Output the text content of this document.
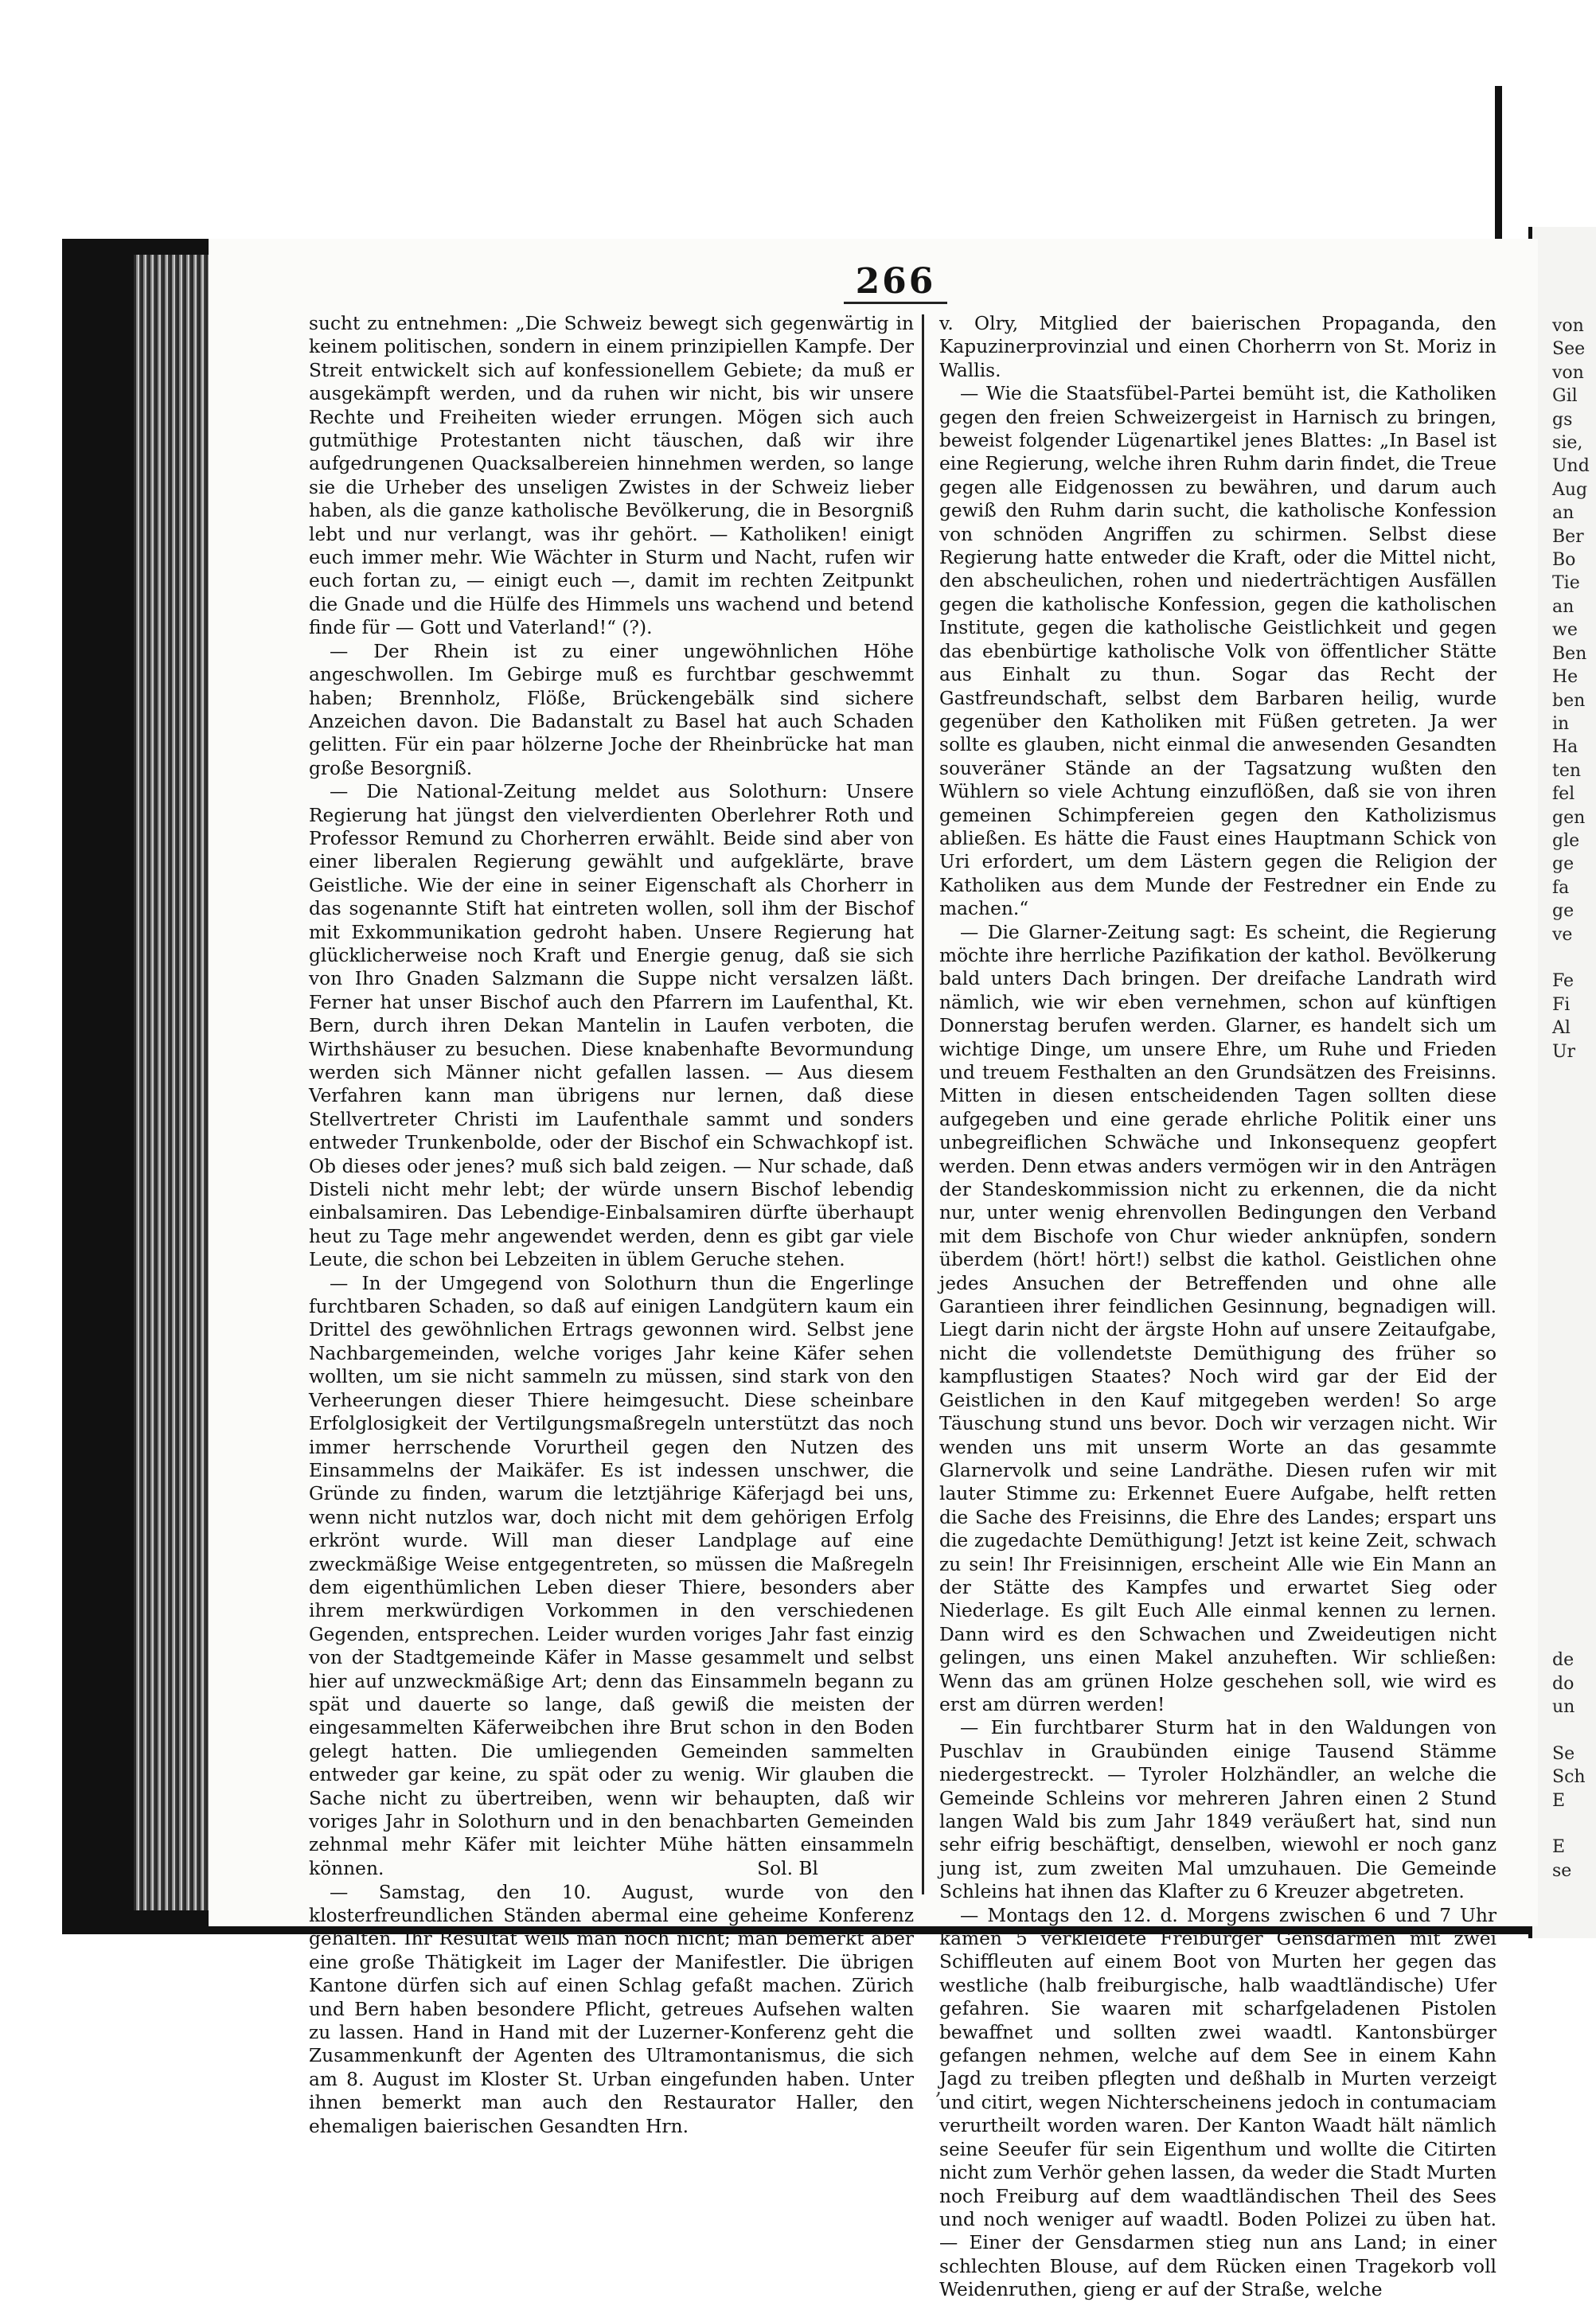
266

sucht zu entnehmen: „Die Schweiz bewegt sich gegenwärtig in keinem politischen, sondern in einem prinzipiellen Kampfe. Der Streit entwickelt sich auf konfessionellem Gebiete; da muß er ausgekämpft werden, und da ruhen wir nicht, bis wir unsere Rechte und Freiheiten wieder errungen. Mögen sich auch gutmüthige Protestanten nicht täuschen, daß wir ihre aufgedrungenen Quacksalbereien hinnehmen werden, so lange sie die Urheber des unseligen Zwistes in der Schweiz lieber haben, als die ganze katholische Bevölkerung, die in Besorgniß lebt und nur verlangt, was ihr gehört. — Katholiken! einigt euch immer mehr. Wie Wächter in Sturm und Nacht, rufen wir euch fortan zu, — einigt euch —, damit im rechten Zeitpunkt die Gnade und die Hülfe des Himmels uns wachend und betend finde für — Gott und Vaterland!“ (?).

— Der Rhein ist zu einer ungewöhnlichen Höhe angeschwollen. Im Gebirge muß es furchtbar geschwemmt haben; Brennholz, Flöße, Brückengebälk sind sichere Anzeichen davon. Die Badanstalt zu Basel hat auch Schaden gelitten. Für ein paar hölzerne Joche der Rheinbrücke hat man große Besorgniß.

— Die National-Zeitung meldet aus Solothurn: Unsere Regierung hat jüngst den vielverdienten Oberlehrer Roth und Professor Remund zu Chorherren erwählt. Beide sind aber von einer liberalen Regierung gewählt und aufgeklärte, brave Geistliche. Wie der eine in seiner Eigenschaft als Chorherr in das sogenannte Stift hat eintreten wollen, soll ihm der Bischof mit Exkommunikation gedroht haben. Unsere Regierung hat glücklicherweise noch Kraft und Energie genug, daß sie sich von Ihro Gnaden Salzmann die Suppe nicht versalzen läßt. Ferner hat unser Bischof auch den Pfarrern im Laufenthal, Kt. Bern, durch ihren Dekan Mantelin in Laufen verboten, die Wirthshäuser zu besuchen. Diese knabenhafte Bevormundung werden sich Männer nicht gefallen lassen. — Aus diesem Verfahren kann man übrigens nur lernen, daß diese Stellvertreter Christi im Laufenthale sammt und sonders entweder Trunkenbolde, oder der Bischof ein Schwachkopf ist. Ob dieses oder jenes? muß sich bald zeigen. — Nur schade, daß Disteli nicht mehr lebt; der würde unsern Bischof lebendig einbalsamiren. Das Lebendige-Einbalsamiren dürfte überhaupt heut zu Tage mehr angewendet werden, denn es gibt gar viele Leute, die schon bei Lebzeiten in üblem Geruche stehen.

— In der Umgegend von Solothurn thun die Engerlinge furchtbaren Schaden, so daß auf einigen Landgütern kaum ein Drittel des gewöhnlichen Ertrags gewonnen wird. Selbst jene Nachbargemeinden, welche voriges Jahr keine Käfer sehen wollten, um sie nicht sammeln zu müssen, sind stark von den Verheerungen dieser Thiere heimgesucht. Diese scheinbare Erfolglosigkeit der Vertilgungsmaßregeln unterstützt das noch immer herrschende Vorurtheil gegen den Nutzen des Einsammelns der Maikäfer. Es ist indessen unschwer, die Gründe zu finden, warum die letztjährige Käferjagd bei uns, wenn nicht nutzlos war, doch nicht mit dem gehörigen Erfolg erkrönt wurde. Will man dieser Landplage auf eine zweckmäßige Weise entgegentreten, so müssen die Maßregeln dem eigenthümlichen Leben dieser Thiere, besonders aber ihrem merkwürdigen Vorkommen in den verschiedenen Gegenden, entsprechen. Leider wurden voriges Jahr fast einzig von der Stadtgemeinde Käfer in Masse gesammelt und selbst hier auf unzweckmäßige Art; denn das Einsammeln begann zu spät und dauerte so lange, daß gewiß die meisten der eingesammelten Käferweibchen ihre Brut schon in den Boden gelegt hatten. Die umliegenden Gemeinden sammelten entweder gar keine, zu spät oder zu wenig. Wir glauben die Sache nicht zu übertreiben, wenn wir behaupten, daß wir voriges Jahr in Solothurn und in den benachbarten Gemeinden zehnmal mehr Käfer mit leichter Mühe hätten einsammeln können.	Sol. Bl

— Samstag, den 10. August, wurde von den klosterfreundlichen Ständen abermal eine geheime Konferenz gehalten. Ihr Resultat weiß man noch nicht; man bemerkt aber eine große Thätigkeit im Lager der Manifestler. Die übrigen Kantone dürfen sich auf einen Schlag gefaßt machen. Zürich und Bern haben besondere Pflicht, getreues Aufsehen walten zu lassen. Hand in Hand mit der Luzerner-Konferenz geht die Zusammenkunft der Agenten des Ultramontanismus, die sich am 8. August im Kloster St. Urban eingefunden haben. Unter ihnen bemerkt man auch den Restaurator Haller, den ehemaligen baierischen Gesandten Hrn.

v. Olry, Mitglied der baierischen Propaganda, den Kapuzinerprovinzial und einen Chorherrn von St. Moriz in Wallis.

— Wie die Staatsfübel-Partei bemüht ist, die Katholiken gegen den freien Schweizergeist in Harnisch zu bringen, beweist folgender Lügenartikel jenes Blattes: „In Basel ist eine Regierung, welche ihren Ruhm darin findet, die Treue gegen alle Eidgenossen zu bewähren, und darum auch gewiß den Ruhm darin sucht, die katholische Konfession von schnöden Angriffen zu schirmen. Selbst diese Regierung hatte entweder die Kraft, oder die Mittel nicht, den abscheulichen, rohen und niederträchtigen Ausfällen gegen die katholische Konfession, gegen die katholischen Institute, gegen die katholische Geistlichkeit und gegen das ebenbürtige katholische Volk von öffentlicher Stätte aus Einhalt zu thun. Sogar das Recht der Gastfreundschaft, selbst dem Barbaren heilig, wurde gegenüber den Katholiken mit Füßen getreten. Ja wer sollte es glauben, nicht einmal die anwesenden Gesandten souveräner Stände an der Tagsatzung wußten den Wühlern so viele Achtung einzuflößen, daß sie von ihren gemeinen Schimpfereien gegen den Katholizismus abließen. Es hätte die Faust eines Hauptmann Schick von Uri erfordert, um dem Lästern gegen die Religion der Katholiken aus dem Munde der Festredner ein Ende zu machen.“

— Die Glarner-Zeitung sagt: Es scheint, die Regierung möchte ihre herrliche Pazifikation der kathol. Bevölkerung bald unters Dach bringen. Der dreifache Landrath wird nämlich, wie wir eben vernehmen, schon auf künftigen Donnerstag berufen werden. Glarner, es handelt sich um wichtige Dinge, um unsere Ehre, um Ruhe und Frieden und treuem Festhalten an den Grundsätzen des Freisinns. Mitten in diesen entscheidenden Tagen sollten diese aufgegeben und eine gerade ehrliche Politik einer uns unbegreiflichen Schwäche und Inkonsequenz geopfert werden. Denn etwas anders vermögen wir in den Anträgen der Standeskommission nicht zu erkennen, die da nicht nur, unter wenig ehrenvollen Bedingungen den Verband mit dem Bischofe von Chur wieder anknüpfen, sondern überdem (hört! hört!) selbst die kathol. Geistlichen ohne jedes Ansuchen der Betreffenden und ohne alle Garantieen ihrer feindlichen Gesinnung, begnadigen will. Liegt darin nicht der ärgste Hohn auf unsere Zeitaufgabe, nicht die vollendetste Demüthigung des früher so kampflustigen Staates? Noch wird gar der Eid der Geistlichen in den Kauf mitgegeben werden! So arge Täuschung stund uns bevor. Doch wir verzagen nicht. Wir wenden uns mit unserm Worte an das gesammte Glarnervolk und seine Landräthe. Diesen rufen wir mit lauter Stimme zu: Erkennet Euere Aufgabe, helft retten die Sache des Freisinns, die Ehre des Landes; erspart uns die zugedachte Demüthigung! Jetzt ist keine Zeit, schwach zu sein! Ihr Freisinnigen, erscheint Alle wie Ein Mann an der Stätte des Kampfes und erwartet Sieg oder Niederlage. Es gilt Euch Alle einmal kennen zu lernen. Dann wird es den Schwachen und Zweideutigen nicht gelingen, uns einen Makel anzuheften. Wir schließen: Wenn das am grünen Holze geschehen soll, wie wird es erst am dürren werden!

— Ein furchtbarer Sturm hat in den Waldungen von Puschlav in Graubünden einige Tausend Stämme niedergestreckt. — Tyroler Holzhändler, an welche die Gemeinde Schleins vor mehreren Jahren einen 2 Stund langen Wald bis zum Jahr 1849 veräußert hat, sind nun sehr eifrig beschäftigt, denselben, wiewohl er noch ganz jung ist, zum zweiten Mal umzuhauen. Die Gemeinde Schleins hat ihnen das Klafter zu 6 Kreuzer abgetreten.

— Montags den 12. d. Morgens zwischen 6 und 7 Uhr kamen 5 verkleidete Freiburger Gensdarmen mit zwei Schiffleuten auf einem Boot von Murten her gegen das westliche (halb freiburgische, halb waadtländische) Ufer gefahren. Sie waaren mit scharfgeladenen Pistolen bewaffnet und sollten zwei waadtl. Kantonsbürger gefangen nehmen, welche auf dem See in einem Kahn Jagd zu treiben pflegten und deßhalb in Murten verzeigt und citirt, wegen Nichterscheinens jedoch in contumaciam verurtheilt worden waren. Der Kanton Waadt hält nämlich seine Seeufer für sein Eigenthum und wollte die Citirten nicht zum Verhör gehen lassen, da weder die Stadt Murten noch Freiburg auf dem waadtländischen Theil des Sees und noch weniger auf waadtl. Boden Polizei zu üben hat. — Einer der Gensdarmen stieg nun ans Land; in einer schlechten Blouse, auf dem Rücken einen Tragekorb voll Weidenruthen, gieng er auf der Straße, welche

von
See
von
Gil
gs
sie,
Und
Aug
an
Ber
Bo
Tie
an
we
Ben
He
ben
in
Ha
ten
fel
gen
gle
ge
fa
ge
ve

Fe
Fi
Al
Ur

de
do
un

Se
Sch
E

E
se
,
